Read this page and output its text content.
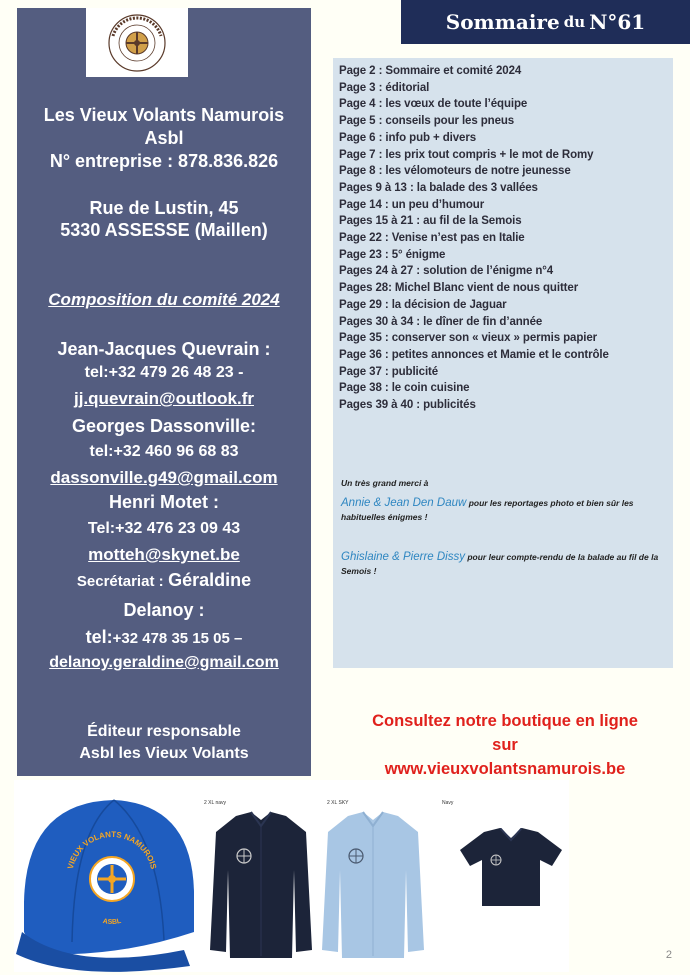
Les Vieux Volants Namurois
Asbl
N° entreprise : 878.836.826
Rue de Lustin, 45
5330 ASSESSE (Maillen)
Composition du comité 2024
Jean-Jacques Quevrain :
tel:+32 479 26 48 23 -
jj.quevrain@outlook.fr
Georges Dassonville:
tel:+32 460 96 68 83
dassonville.g49@gmail.com
Henri Motet :
Tel:+32 476 23 09 43
motteh@skynet.be
Secrétariat : Géraldine
Delanoy :
tel:+32 478 35 15 05 –
delanoy.geraldine@gmail.com
Éditeur responsable
Asbl les Vieux Volants
Sommaire du N°61
Page 2 : Sommaire et comité 2024
Page 3 : éditorial
Page 4 : les vœux de toute l’équipe
Page 5 : conseils pour les pneus
Page 6 : info pub + divers
Page 7 : les prix tout compris + le mot de Romy
Page 8 : les vélomoteurs de notre jeunesse
Pages 9 à 13 : la balade des 3 vallées
Page 14 : un peu d’humour
Pages 15 à 21 : au fil de la Semois
Page 22 : Venise n’est pas en Italie
Page 23 : 5° énigme
Pages 24 à 27 : solution de l’énigme n°4
Pages 28: Michel Blanc vient de nous quitter
Page 29 : la décision de Jaguar
Pages 30 à 34 : le dîner de fin d’année
Page 35 : conserver son « vieux » permis papier
Page 36 : petites annonces et Mamie et le contrôle
Page 37 : publicité
Page 38 : le coin cuisine
Pages 39 à 40 : publicités
Un très grand merci à
Annie & Jean Den Dauw pour les reportages photo et bien sûr les habituelles énigmes !
Ghislaine & Pierre Dissy pour leur compte-rendu de la balade au fil de la Semois !
Consultez notre boutique en ligne
sur
www.vieuxvolantsnamurois.be
VIEUX VOLANTS NAMUROIS
ASBL
2 XL navy	2 XL SKY	Navy
2
